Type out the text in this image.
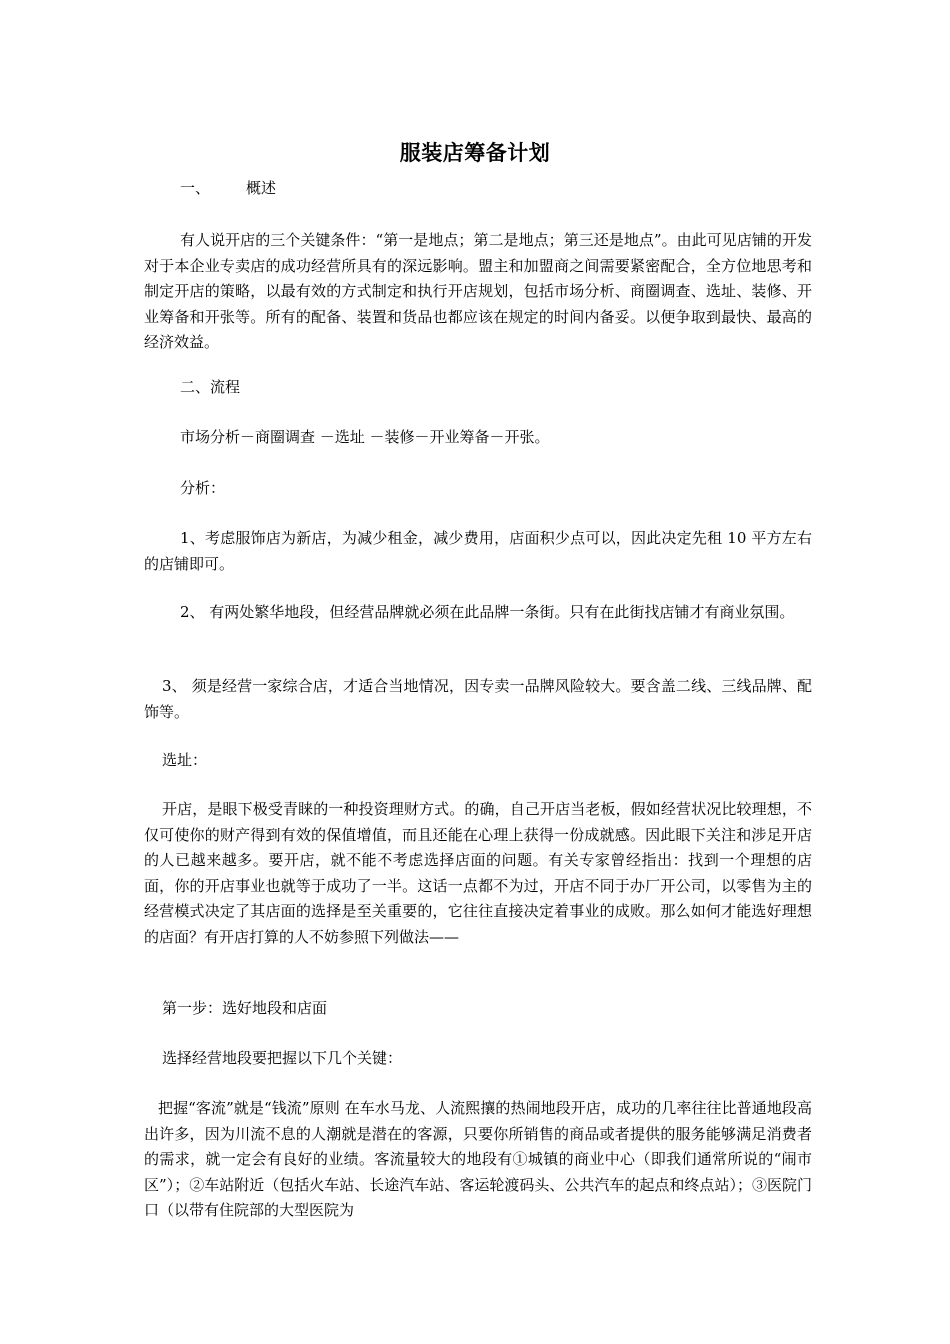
服装店筹备计划
一、 概述

有人说开店的三个关键条件：“第一是地点；第二是地点；第三还是地点”。由此可见店铺的开发对于本企业专卖店的成功经营所具有的深远影响。盟主和加盟商之间需要紧密配合，全方位地思考和制定开店的策略，以最有效的方式制定和执行开店规划，包括市场分析、商圈调查、选址、装修、开业筹备和开张等。所有的配备、装置和货品也都应该在规定的时间内备妥。以便争取到最快、最高的经济效益。

二、流程

市场分析－商圈调查 －选址 －装修－开业筹备－开张。

分析：

1、考虑服饰店为新店，为减少租金，减少费用，店面积少点可以，因此决定先租 10 平方左右的店铺即可。

2、 有两处繁华地段，但经营品牌就必须在此品牌一条街。只有在此街找店铺才有商业氛围。

3、 须是经营一家综合店，才适合当地情况，因专卖一品牌风险较大。要含盖二线、三线品牌、配饰等。

选址：

开店，是眼下极受青睐的一种投资理财方式。的确，自己开店当老板，假如经营状况比较理想，不仅可使你的财产得到有效的保值增值，而且还能在心理上获得一份成就感。因此眼下关注和涉足开店的人已越来越多。要开店，就不能不考虑选择店面的问题。有关专家曾经指出：找到一个理想的店面，你的开店事业也就等于成功了一半。这话一点都不为过，开店不同于办厂开公司，以零售为主的经营模式决定了其店面的选择是至关重要的，它往往直接决定着事业的成败。那么如何才能选好理想的店面？有开店打算的人不妨参照下列做法——

第一步：选好地段和店面

选择经营地段要把握以下几个关键：

把握“客流”就是“钱流”原则 在车水马龙、人流熙攘的热闹地段开店，成功的几率往往比普通地段高出许多，因为川流不息的人潮就是潜在的客源，只要你所销售的商品或者提供的服务能够满足消费者的需求，就一定会有良好的业绩。客流量较大的地段有①城镇的商业中心（即我们通常所说的“闹市区”）；②车站附近（包括火车站、长途汽车站、客运轮渡码头、公共汽车的起点和终点站）；③医院门口（以带有住院部的大型医院为
